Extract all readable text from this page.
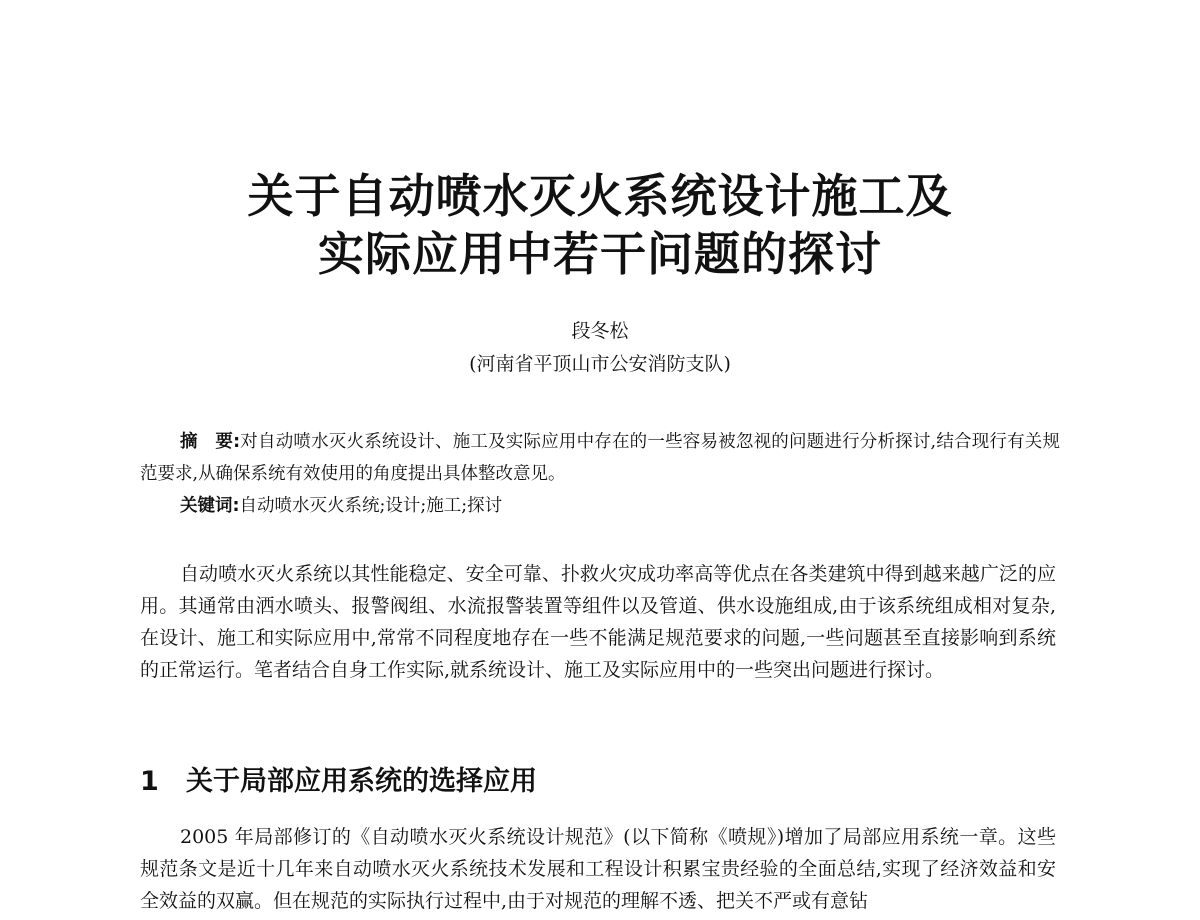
关于自动喷水灭火系统设计施工及
实际应用中若干问题的探讨
段冬松
(河南省平顶山市公安消防支队)
摘　要:对自动喷水灭火系统设计、施工及实际应用中存在的一些容易被忽视的问题进行分析探讨,结合现行有关规范要求,从确保系统有效使用的角度提出具体整改意见。
关键词:自动喷水灭火系统;设计;施工;探讨
自动喷水灭火系统以其性能稳定、安全可靠、扑救火灾成功率高等优点在各类建筑中得到越来越广泛的应用。其通常由洒水喷头、报警阀组、水流报警装置等组件以及管道、供水设施组成,由于该系统组成相对复杂,在设计、施工和实际应用中,常常不同程度地存在一些不能满足规范要求的问题,一些问题甚至直接影响到系统的正常运行。笔者结合自身工作实际,就系统设计、施工及实际应用中的一些突出问题进行探讨。
1 关于局部应用系统的选择应用
2005 年局部修订的《自动喷水灭火系统设计规范》(以下简称《喷规》)增加了局部应用系统一章。这些规范条文是近十几年来自动喷水灭火系统技术发展和工程设计积累宝贵经验的全面总结,实现了经济效益和安全效益的双赢。但在规范的实际执行过程中,由于对规范的理解不透、把关不严或有意钻
